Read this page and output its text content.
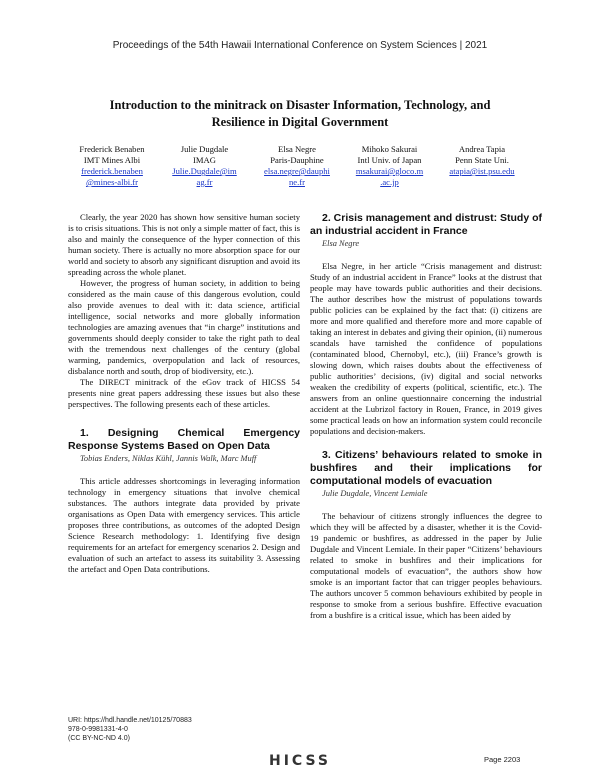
Proceedings of the 54th Hawaii International Conference on System Sciences | 2021
Introduction to the minitrack on Disaster Information, Technology, and
Resilience in Digital Government
Frederick Benaben
IMT Mines Albi
frederick.benaben
@mines-albi.fr
Julie Dugdale
IMAG
Julie.Dugdale@im
ag.fr
Elsa Negre
Paris-Dauphine
elsa.negre@dauphi
ne.fr
Mihoko Sakurai
Intl Univ. of Japan
msakurai@gloco.m
.ac.jp
Andrea Tapia
Penn State Uni.
atapia@ist.psu.edu

Clearly, the year 2020 has shown how sensitive human society is to crisis situations. This is not only a simple matter of fact, this is also and mainly the consequence of the hyper connection of this human society. There is actually no more absorption space for our world and society to absorb any significant disruption and avoid its spreading across the whole planet.

However, the progress of human society, in addition to being considered as the main cause of this dangerous evolution, could also provide avenues to deal with it: data science, artificial intelligence, social networks and more globally information technologies are amazing avenues that “in charge” institutions and governments should deeply consider to take the right path to deal with the tremendous next challenges of the century (global warming, pandemics, overpopulation and lack of resources, disbalance north and south, drop of biodiversity, etc.).

The DIRECT minitrack of the eGov track of HICSS 54 presents nine great papers addressing these issues but also these perspectives. The following presents each of these articles.

1. Designing Chemical Emergency Response Systems Based on Open Data

Tobias Enders, Niklas Kühl, Jannis Walk, Marc Muff

This article addresses shortcomings in leveraging information technology in emergency situations that involve chemical substances. The authors integrate data provided by private organisations as Open Data with emergency services. This article proposes three contributions, as outcomes of the adopted Design Science Research methodology: 1. Identifying five design requirements for an artefact for emergency scenarios 2. Design and evaluation of such an artefact to assess its suitability 3. Assessing the artefact and Open Data contributions.

2. Crisis management and distrust: Study of an industrial accident in France

Elsa Negre

Elsa Negre, in her article “Crisis management and distrust: Study of an industrial accident in France” looks at the distrust that people may have towards public authorities and their decisions. The author describes how the mistrust of populations towards public policies can be explained by the fact that: (i) citizens are more and more qualified and therefore more and more capable of taking an interest in debates and giving their opinion, (ii) numerous scandals have tarnished the confidence of populations (contaminated blood, Chernobyl, etc.), (iii) France’s growth is slowing down, which raises doubts about the effectiveness of public authorities’ decisions, (iv) digital and social networks weaken the credibility of experts (political, scientific, etc.). The answers from an online questionnaire concerning the industrial accident at the Lubrizol factory in Rouen, France, in 2019 gives some practical leads on how an information system could reconcile populations and decision-makers.

3. Citizens’ behaviours related to smoke in bushfires and their implications for computational models of evacuation

Julie Dugdale, Vincent Lemiale

The behaviour of citizens strongly influences the degree to which they will be affected by a disaster, whether it is the Covid-19 pandemic or bushfires, as addressed in the paper by Julie Dugdale and Vincent Lemiale. In their paper “Citizens’ behaviours related to smoke in bushfires and their implications for computational models of evacuation”, the authors show how smoke is an important factor that can trigger peoples behaviours. The authors uncover 5 common behaviours exhibited by people in response to smoke from a serious bushfire. Effective evacuation from a bushfire is a critical issue, which has been aided by

URI: https://hdl.handle.net/10125/70883
978-0-9981331-4-0
(CC BY-NC-ND 4.0)
HICSS	Page 2203
